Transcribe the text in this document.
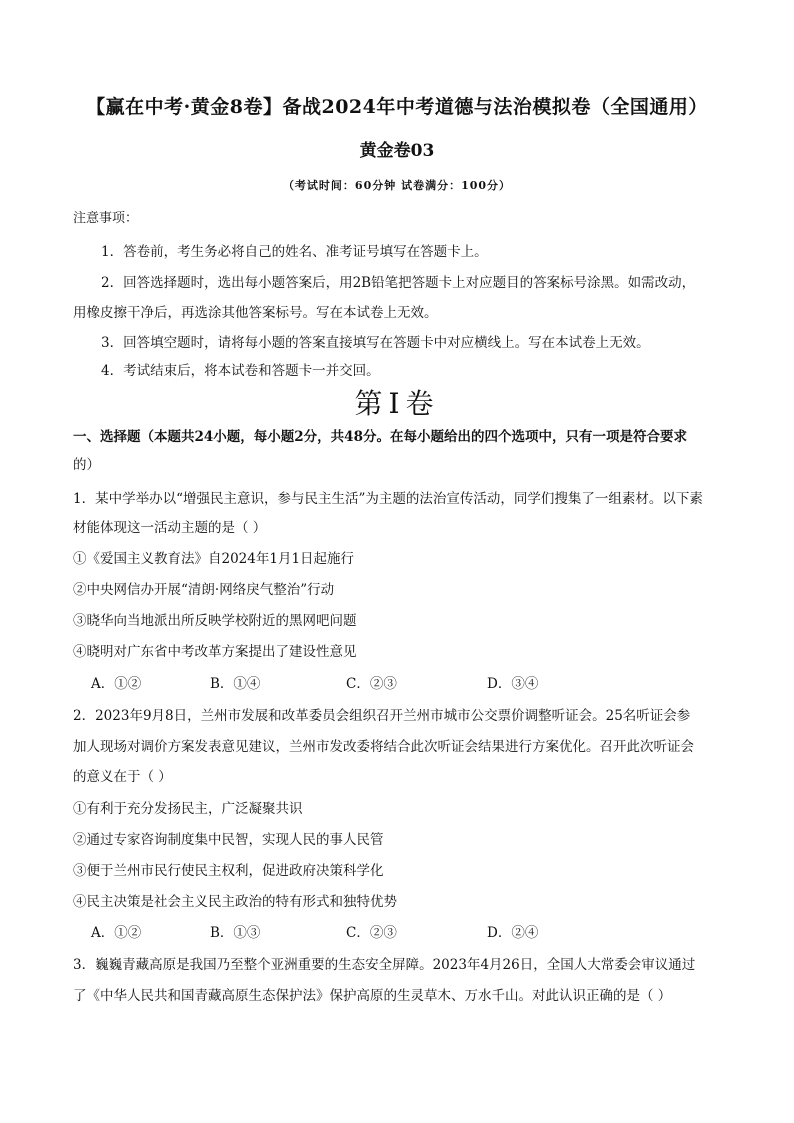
【赢在中考·黄金8卷】备战2024年中考道德与法治模拟卷（全国通用）
黄金卷03
（考试时间：60分钟 试卷满分：100分）
注意事项：
1．答卷前，考生务必将自己的姓名、准考证号填写在答题卡上。
2．回答选择题时，选出每小题答案后，用2B铅笔把答题卡上对应题目的答案标号涂黑。如需改动，
用橡皮擦干净后，再选涂其他答案标号。写在本试卷上无效。
3．回答填空题时，请将每小题的答案直接填写在答题卡中对应横线上。写在本试卷上无效。
4．考试结束后，将本试卷和答题卡一并交回。
第I卷
一、选择题（本题共24小题，每小题2分，共48分。在每小题给出的四个选项中，只有一项是符合要求
的）
1．某中学举办以“增强民主意识，参与民主生活”为主题的法治宣传活动，同学们搜集了一组素材。以下素
材能体现这一活动主题的是（ ）
①《爱国主义教育法》自2024年1月1日起施行
②中央网信办开展“清朗·网络戾气整治”行动
③晓华向当地派出所反映学校附近的黑网吧问题
④晓明对广东省中考改革方案提出了建设性意见
A．①②	B．①④	C．②③	D．③④
2．2023年9月8日，兰州市发展和改革委员会组织召开兰州市城市公交票价调整听证会。25名听证会参
加人现场对调价方案发表意见建议，兰州市发改委将结合此次听证会结果进行方案优化。召开此次听证会
的意义在于（ ）
①有利于充分发扬民主，广泛凝聚共识
②通过专家咨询制度集中民智，实现人民的事人民管
③便于兰州市民行使民主权利，促进政府决策科学化
④民主决策是社会主义民主政治的特有形式和独特优势
A．①②	B．①③	C．②③	D．②④
3．巍巍青藏高原是我国乃至整个亚洲重要的生态安全屏障。2023年4月26日，全国人大常委会审议通过
了《中华人民共和国青藏高原生态保护法》保护高原的生灵草木、万水千山。对此认识正确的是（ ）
